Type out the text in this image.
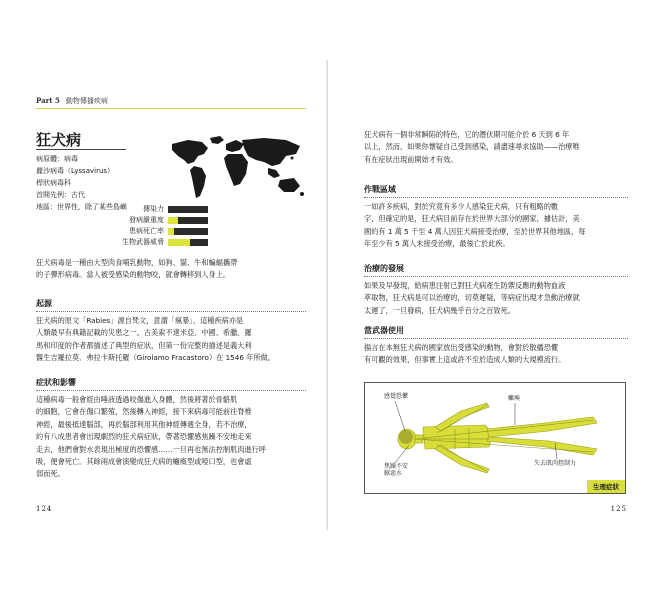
Part 5 動物傳播疾病
狂犬病
病原體：病毒
麗沙病毒（Lyssavirus）
桿狀病毒科
首開先例：古代
地區：世界性，除了某些島嶼	傳染力
發病嚴重度
患病死亡率
生物武器威脅
狂犬病毒是一種由大型肉食哺乳動物，如狗、貓、牛和蝙蝠攜帶
的子彈形病毒。當人被受感染的動物咬，就會轉移到人身上。
起源
狂犬病的原文「Rabies」源自梵文，意謂「瘋暴」，這種疾病亦是
人類最早有典籍記載的災患之一。古美索不達米亞、中國、希臘、羅
馬和印度的作者都描述了典型的症狀，但第一份完整的描述是義大利
醫生吉羅拉莫．弗拉卡斯托羅（Girolamo Fracastoro）在 1546 年所做。
症狀和影響
這種病毒一般會經由唾液透過咬傷進入身體，然後將著於骨骼肌
的細胞，它會在傷口繁殖，然後轉入神經，接下來病毒可能前往脊椎
神經，最後抵達腦部，再於腦部利用其他神經傳遞全身，若不治療，
約有八成患者會出現劇烈的狂犬病症狀，帶著恐懼感焦躁不安地走來
走去，他們會對水表現出極度的恐懼感……一旦再也無法控制肌肉進行呼
吸，便會死亡。其餘兩成會演變成狂犬病的癱瘓型或啞口型，也會虛
弱而死。
124
狂犬病有一個非常瞬陷的特色，它的潛伏期可能介於 6 天到 6 年
以上，然而，如果你懷疑自己受到感染，請盡速尋求協助——治療唯
有在症狀出現前開始才有效。
作戰區域
一如許多疾病，對於究竟有多少人感染狂犬病，只有粗略的數
字，但確定的是，狂犬病目前存在於世界大部分的國家，據估計，美
國約有 1 萬 5 千至 4 萬人因狂犬病接受治療，至於世界其他地區，每
年至少有 5 萬人未接受治療，最後亡於此疾。
治療的發展
如果及早發現，給病患注射已對狂犬病產生防禦反應的動物血液
萃取物，狂犬病是可以治療的，切莫遲疑，等病症出現才急動治療就
太遲了，一旦發病，狂犬病幾乎百分之百致死。
當武器使用
揚言在本無狂犬病的國家放出受感染的動物，會對於散播恐懼
有可觀的效果，但事實上這或許不至於造成人類的大規模流行。
125
感覺恐懼	癱瘓
焦躁不安
厭惡水
失去肌肉控制力
生理症狀
